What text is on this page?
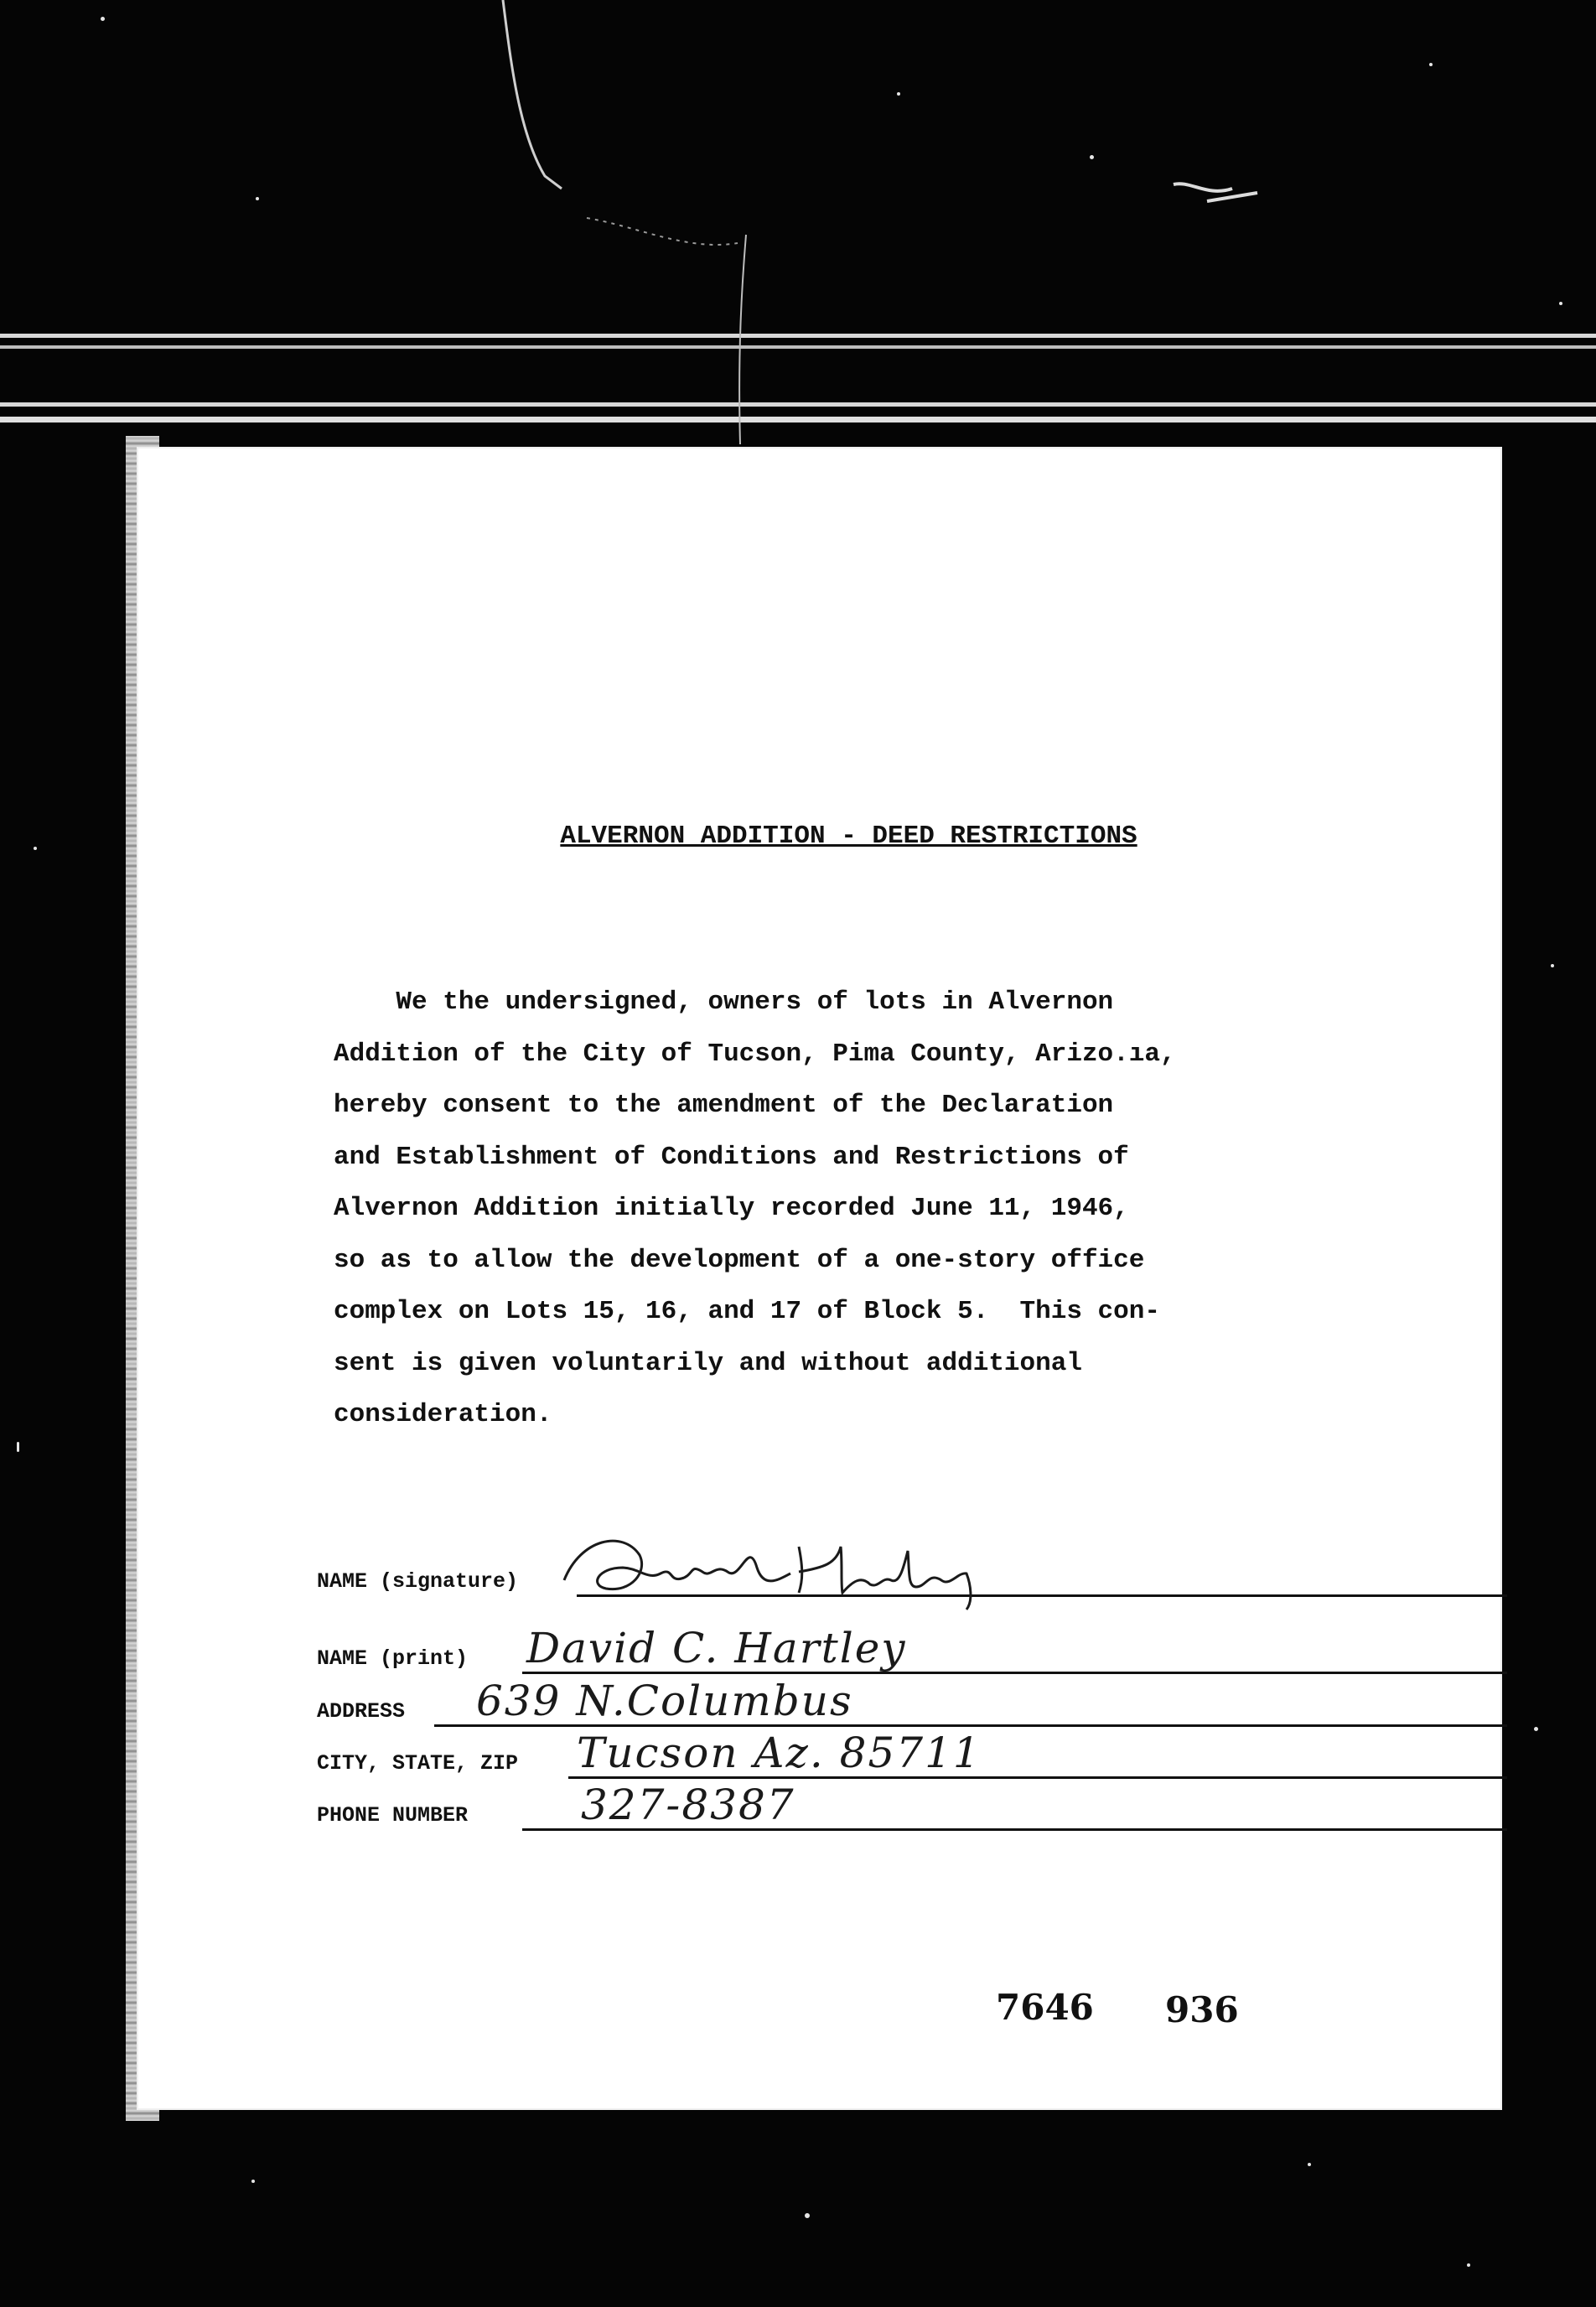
ALVERNON ADDITION - DEED RESTRICTIONS
We the undersigned, owners of lots in Alvernon
Addition of the City of Tucson, Pima County, Arizo.ıa,
hereby consent to the amendment of the Declaration
and Establishment of Conditions and Restrictions of
Alvernon Addition initially recorded June 11, 1946,
so as to allow the development of a one-story office
complex on Lots 15, 16, and 17 of Block 5.  This con-
sent is given voluntarily and without additional
consideration.
NAME (signature)
NAME (print) David C. Hartley
ADDRESS 639 N.Columbus
CITY, STATE, ZIP Tucson Az. 85711
PHONE NUMBER	327-8387
7646 936
